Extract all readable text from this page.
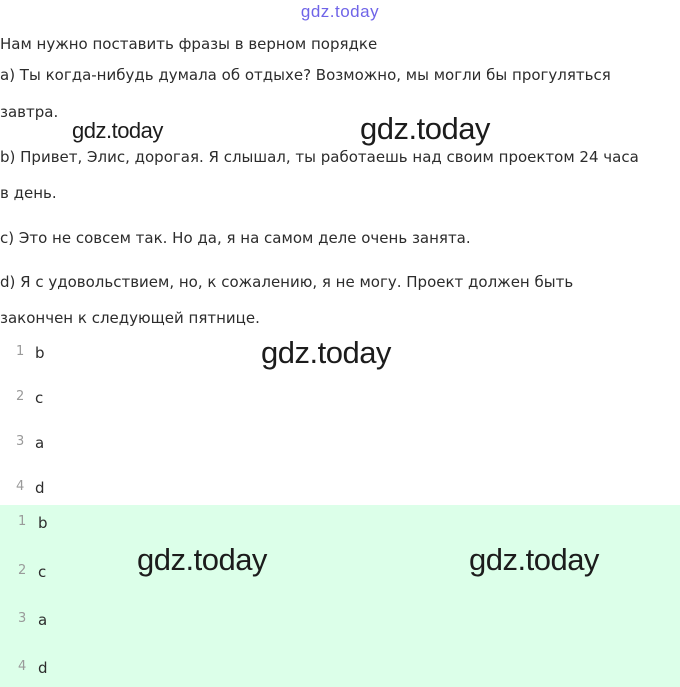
gdz.today
Нам нужно поставить фразы в верном порядке
a) Ты когда-нибудь думала об отдыхе? Возможно, мы могли бы прогуляться
завтра.
b) Привет, Элис, дорогая. Я слышал, ты работаешь над своим проектом 24 часа
в день.
c) Это не совсем так. Но да, я на самом деле очень занята.
d) Я с удовольствием, но, к сожалению, я не могу. Проект должен быть
закончен к следующей пятнице.
1 b
2 c
3 a
4 d
1 b
2 c
3 a
4 d
gdz.today	gdz.today
gdz.today
gdz.today	gdz.today
